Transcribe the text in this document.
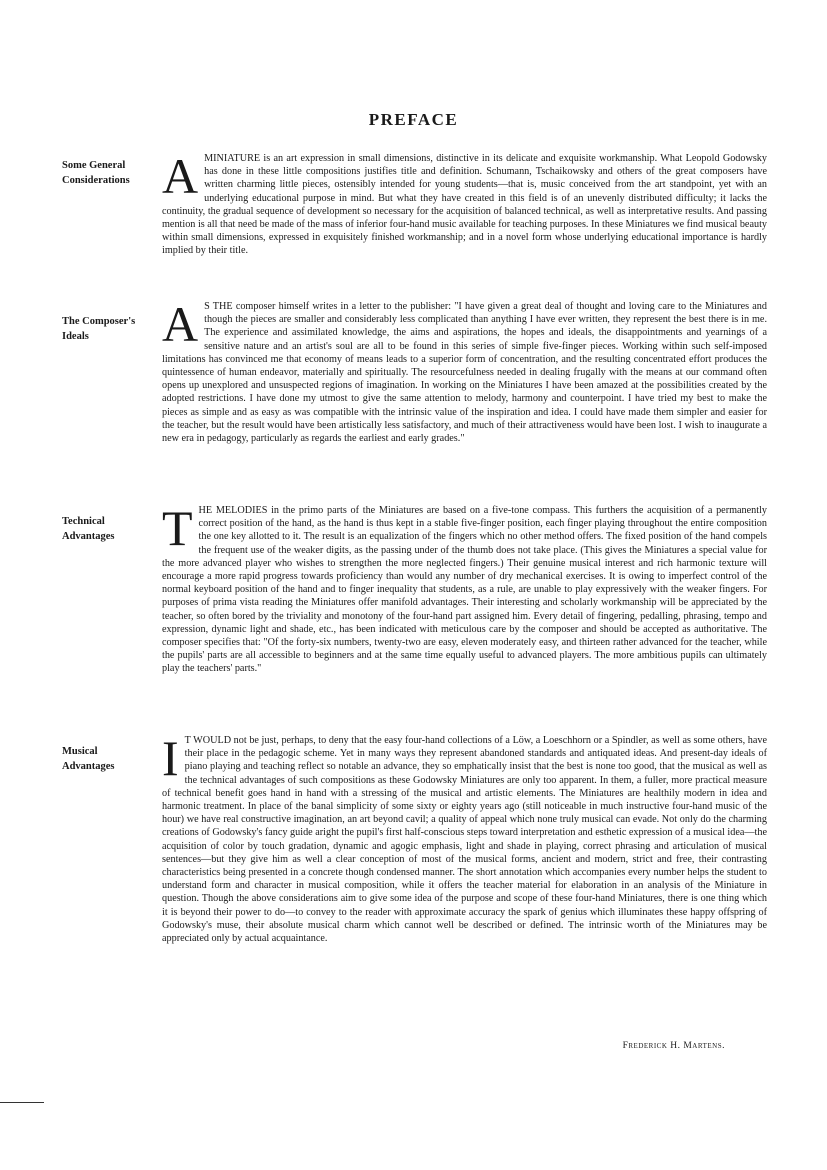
PREFACE
Some General
Considerations AMINIATURE is an art expression in small dimensions, distinctive in its delicate and exquisite workmanship. What Leopold Godowsky has done in these little compositions justifies title and definition. Schumann, Tschaikowsky and others of the great composers have written charming little pieces, ostensibly intended for young students—that is, music conceived from the art standpoint, yet with an underlying educational purpose in mind. But what they have created in this field is of an unevenly distributed difficulty; it lacks the continuity, the gradual sequence of development so necessary for the acquisition of balanced technical, as well as interpretative results. And passing mention is all that need be made of the mass of inferior four-hand music available for teaching purposes. In these Miniatures we find musical beauty within small dimensions, expressed in exquisitely finished workmanship; and in a novel form whose underlying educational importance is hardly implied by their title.

The Composer's
Ideals	A S THE composer himself writes in a letter to the publisher: "I have given a great deal of thought and loving care to the Miniatures and though the pieces are smaller and considerably less complicated than anything I have ever written, they represent the best there is in me. The experience and assimilated knowledge, the aims and aspirations, the hopes and ideals, the disappointments and yearnings of a sensitive nature and an artist's soul are all to be found in this series of simple five-finger pieces. Working within such self-imposed limitations has convinced me that economy of means leads to a superior form of concentration, and the resulting concentrated effort produces the quintessence of human endeavor, materially and spiritually. The resourcefulness needed in dealing frugally with the means at our command often opens up unexplored and unsuspected regions of imagination. In working on the Miniatures I have been amazed at the possibilities created by the adopted restrictions. I have done my utmost to give the same attention to melody, harmony and counterpoint. I have tried my best to make the pieces as simple and as easy as was compatible with the intrinsic value of the inspiration and idea. I could have made them simpler and easier for the teacher, but the result would have been artistically less satisfactory, and much of their attractiveness would have been lost. I wish to inaugurate a new era in pedagogy, particularly as regards the earliest and early grades."

Technical
Advantages THE MELODIES in the primo parts of the Miniatures are based on a five-tone compass. This furthers the acquisition of a permanently correct position of the hand, as the hand is thus kept in a stable five-finger position, each finger playing throughout the entire composition the one key allotted to it. The result is an equalization of the fingers which no other method offers. The fixed position of the hand compels the frequent use of the weaker digits, as the passing under of the thumb does not take place. (This gives the Miniatures a special value for the more advanced player who wishes to strengthen the more neglected fingers.) Their genuine musical interest and rich harmonic texture will encourage a more rapid progress towards proficiency than would any number of dry mechanical exercises. It is owing to imperfect control of the normal keyboard position of the hand and to finger inequality that students, as a rule, are unable to play expressively with the weaker fingers. For purposes of prima vista reading the Miniatures offer manifold advantages. Their interesting and scholarly workmanship will be appreciated by the teacher, so often bored by the triviality and monotony of the four-hand part assigned him. Every detail of fingering, pedalling, phrasing, tempo and expression, dynamic light and shade, etc., has been indicated with meticulous care by the composer and should be accepted as authoritative. The composer specifies that: "Of the forty-six numbers, twenty-two are easy, eleven moderately easy, and thirteen rather advanced for the teacher, while the pupils' parts are all accessible to beginners and at the same time equally useful to advanced players. The more ambitious pupils can ultimately play the teachers' parts."

Musical
Advantages I T WOULD not be just, perhaps, to deny that the easy four-hand collections of a Löw, a Loeschhorn or a Spindler, as well as some others, have their place in the pedagogic scheme. Yet in many ways they represent abandoned standards and antiquated ideas. And present-day ideals of piano playing and teaching reflect so notable an advance, they so emphatically insist that the best is none too good, that the musical as well as the technical advantages of such compositions as these Godowsky Miniatures are only too apparent. In them, a fuller, more practical measure of technical benefit goes hand in hand with a stressing of the musical and artistic elements. The Miniatures are healthily modern in idea and harmonic treatment. In place of the banal simplicity of some sixty or eighty years ago (still noticeable in much instructive four-hand music of the hour) we have real constructive imagination, an art beyond cavil; a quality of appeal which none truly musical can evade. Not only do the charming creations of Godowsky's fancy guide aright the pupil's first half-conscious steps toward interpretation and esthetic expression of a musical idea—the acquisition of color by touch gradation, dynamic and agogic emphasis, light and shade in playing, correct phrasing and articulation of musical sentences—but they give him as well a clear conception of most of the musical forms, ancient and modern, strict and free, their contrasting characteristics being presented in a concrete though condensed manner. The short annotation which accompanies every number helps the student to understand form and character in musical composition, while it offers the teacher material for elaboration in an analysis of the Miniature in question. Though the above considerations aim to give some idea of the purpose and scope of these four-hand Miniatures, there is one thing which it is beyond their power to do—to convey to the reader with approximate accuracy the spark of genius which illuminates these happy offspring of Godowsky's muse, their absolute musical charm which cannot well be described or defined. The intrinsic worth of the Miniatures may be appreciated only by actual acquaintance.

Frederick H. Martens.
